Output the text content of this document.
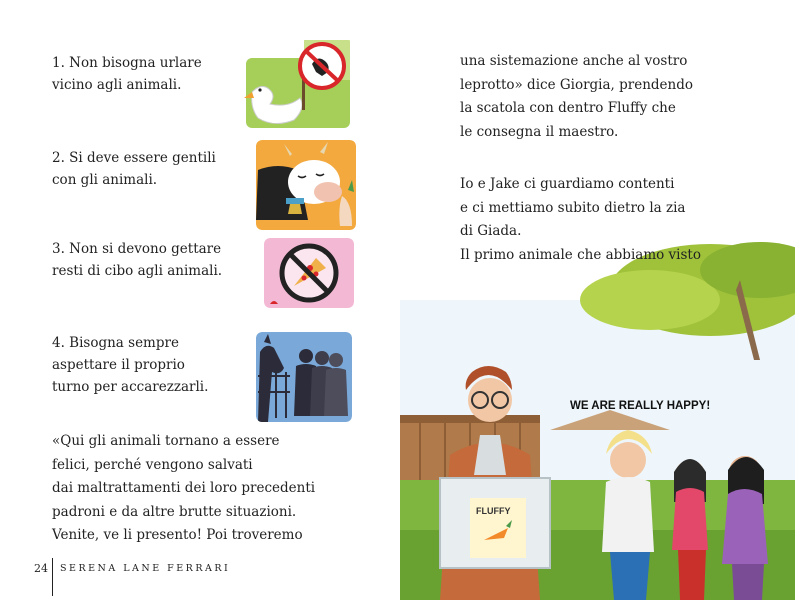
1. Non bisogna urlare
vicino agli animali.
2. Si deve essere gentili
con gli animali.
3. Non si devono gettare
resti di cibo agli animali.
4. Bisogna sempre
aspettare il proprio
turno per accarezzarli.
«Qui gli animali tornano a essere
felici, perché vengono salvati
dai maltrattamenti dei loro precedenti
padroni e da altre brutte situazioni.
Venite, ve li presento! Poi troveremo
24 SERENA LANE FERRARI
una sistemazione anche al vostro
leprotto» dice Giorgia, prendendo
la scatola con dentro Fluffy che
le consegna il maestro.
FLUFFY
Io e Jake ci guardiamo contenti
e ci mettiamo subito dietro la zia
di Giada.
Il primo animale che abbiamo visto
WE ARE REALLY HAPPY!
